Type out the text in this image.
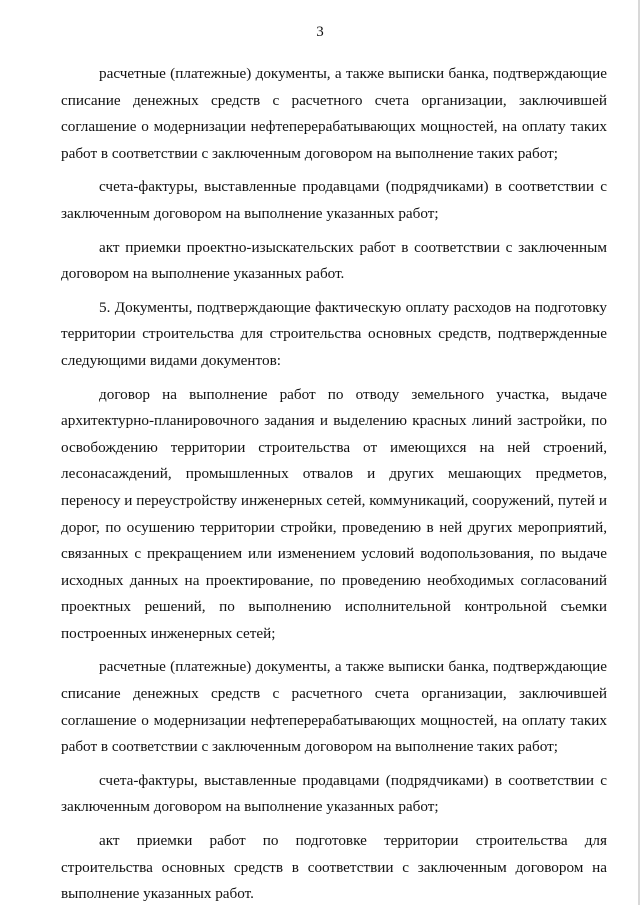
3

расчетные (платежные) документы, а также выписки банка, подтверждающие списание денежных средств с расчетного счета организации, заключившей соглашение о модернизации нефтеперерабатывающих мощностей, на оплату таких работ в соответствии с заключенным договором на выполнение таких работ;

счета-фактуры, выставленные продавцами (подрядчиками) в соответствии с заключенным договором на выполнение указанных работ;

акт приемки проектно-изыскательских работ в соответствии с заключенным договором на выполнение указанных работ.

5. Документы, подтверждающие фактическую оплату расходов на подготовку территории строительства для строительства основных средств, подтвержденные следующими видами документов:

договор на выполнение работ по отводу земельного участка, выдаче архитектурно-планировочного задания и выделению красных линий застройки, по освобождению территории строительства от имеющихся на ней строений, лесонасаждений, промышленных отвалов и других мешающих предметов, переносу и переустройству инженерных сетей, коммуникаций, сооружений, путей и дорог, по осушению территории стройки, проведению в ней других мероприятий, связанных с прекращением или изменением условий водопользования, по выдаче исходных данных на проектирование, по проведению необходимых согласований проектных решений, по выполнению исполнительной контрольной съемки построенных инженерных сетей;

расчетные (платежные) документы, а также выписки банка, подтверждающие списание денежных средств с расчетного счета организации, заключившей соглашение о модернизации нефтеперерабатывающих мощностей, на оплату таких работ в соответствии с заключенным договором на выполнение таких работ;

счета-фактуры, выставленные продавцами (подрядчиками) в соответствии с заключенным договором на выполнение указанных работ;

акт приемки работ по подготовке территории строительства для строительства основных средств в соответствии с заключенным договором на выполнение указанных работ.
